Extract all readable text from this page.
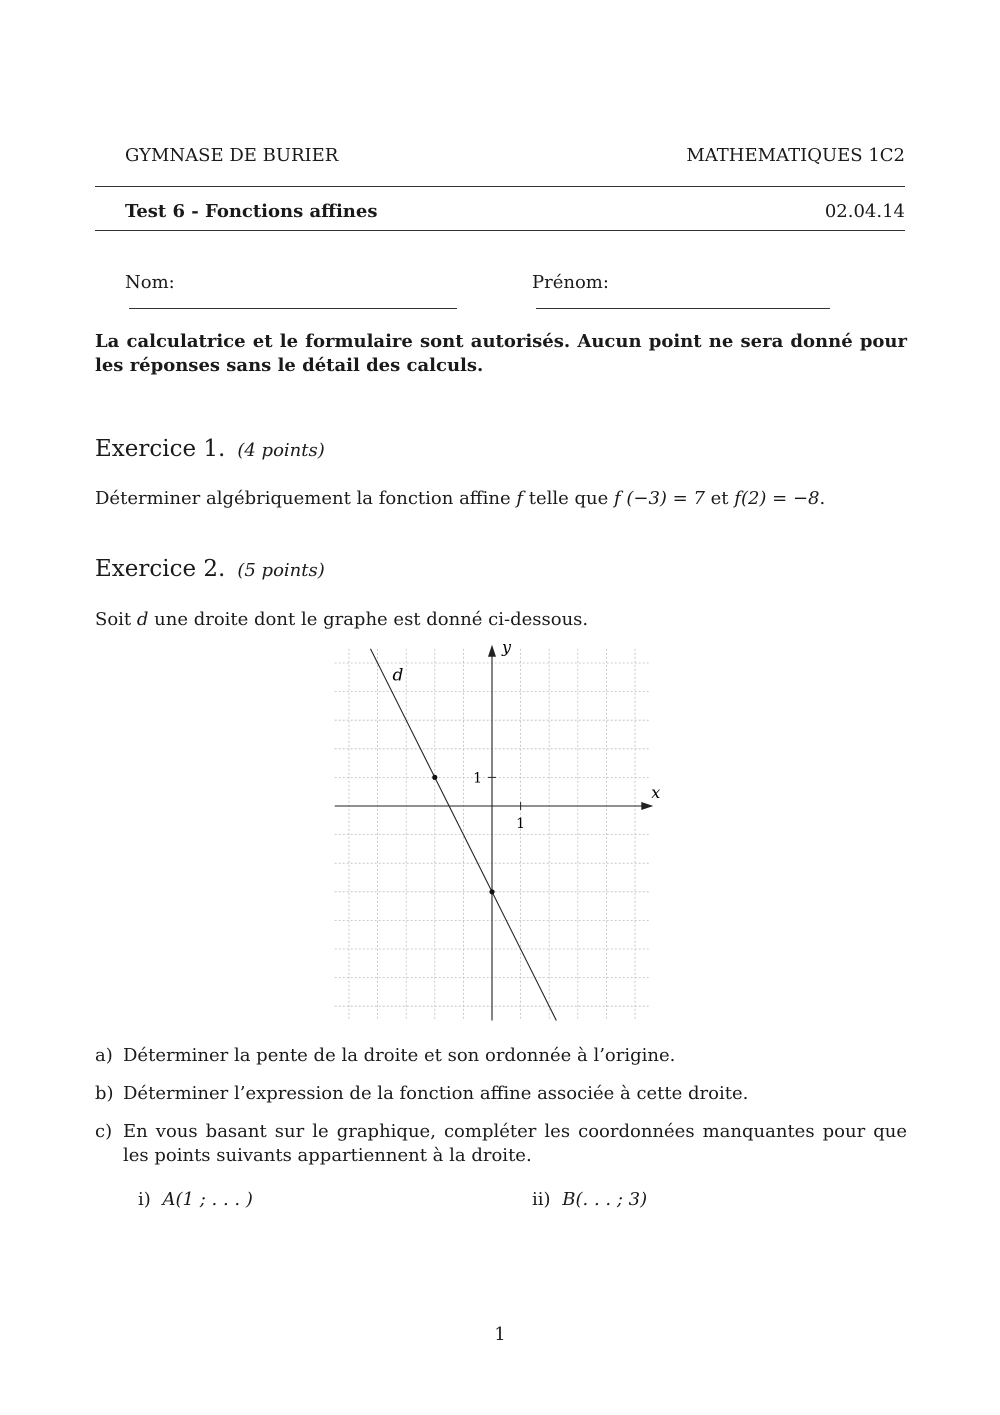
GYMNASE DE BURIER	MATHEMATIQUES 1C2
Test 6 - Fonctions affines	02.04.14
Nom:	Prénom:
La calculatrice et le formulaire sont autorisés. Aucun point ne sera donné pour les réponses sans le détail des calculs.
Exercice 1. (4 points)
Déterminer algébriquement la fonction affine f telle que f (−3) = 7 et f(2) = −8.
Exercice 2. (5 points)
Soit d une droite dont le graphe est donné ci-dessous.
1
1
x
y
d
a) Déterminer la pente de la droite et son ordonnée à l’origine.
b) Déterminer l’expression de la fonction affine associée à cette droite.
c) En vous basant sur le graphique, compléter les coordonnées manquantes pour que les points suivants appartiennent à la droite.
i) A(1 ; . . . )	ii) B(. . . ; 3)
1
